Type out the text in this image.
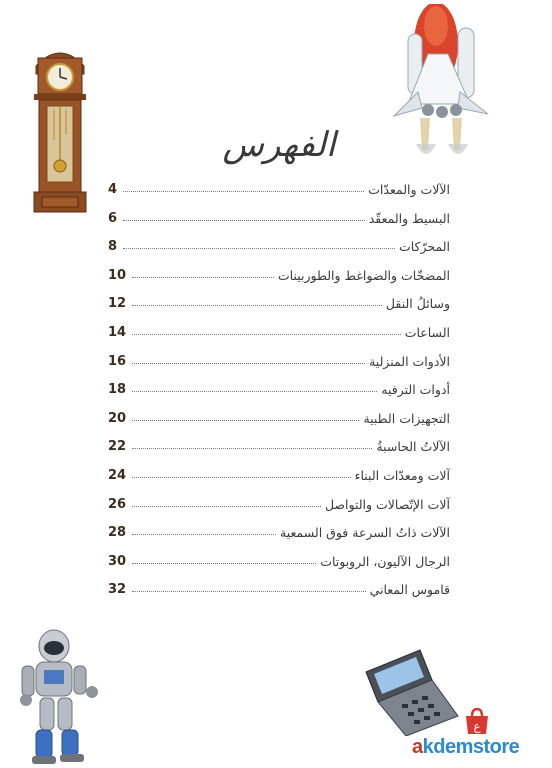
الفهرس
4	الآلات والمعدّات
6	البسيط والمعقّد
8	المحرّكات
10	المضخّات والضواغط والطوربينات
12	وسائلُ النقل
14	الساعات
16	الأدوات المنزلية
18	أدوات الترفيه
20	التجهيزات الطبية
22	الآلاتُ الحاسبةُ
24	آلات ومعدّات البناء
26	آلات الإتّصالات والتواصل
28	الآلات ذاتُ السرعة فوق السمعية
30	الرجال الآليون، الروبوتات
32	قاموس المعاني
ع
akdemstore
